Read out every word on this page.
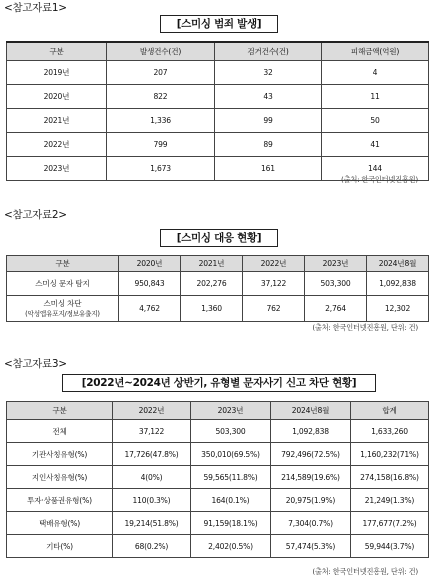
<참고자료1>
[스미싱 범죄 발생]
구분	발생건수(건)	검거건수(건)	피해금액(억원)
2019년	207	32	4
2020년	822	43	11
2021년	1,336	99	50
2022년	799	89	41
2023년	1,673	161	144
(출처: 한국인터넷진흥원)
<참고자료2>
[스미싱 대응 현황]
구분	2020년	2021년	2022년	2023년	2024년8월
스미싱 문자 탐지	950,843	202,276	37,122	503,300	1,092,838

스미싱 차단
(악성앱유포지/정보유출지)	4,762	1,360	762	2,764	12,302
(출처: 한국인터넷진흥원, 단위: 건)
<참고자료3>
[2022년~2024년 상반기, 유형별 문자사기 신고 차단 현황]
구분	2022년	2023년	2024년8월	합계
전체	37,122	503,300	1,092,838	1,633,260
기관사칭유형(%)	17,726(47.8%)	350,010(69.5%)	792,496(72.5%)	1,160,232(71%)
지인사칭유형(%)	4(0%)	59,565(11.8%)	214,589(19.6%)	274,158(16.8%)
투자·상품권유형(%)	110(0.3%)	164(0.1%)	20,975(1.9%)	21,249(1.3%)
택배유형(%)	19,214(51.8%)	91,159(18.1%)	7,304(0.7%)	177,677(7.2%)
기타(%)	68(0.2%)	2,402(0.5%)	57,474(5.3%)	59,944(3.7%)
(출처: 한국인터넷진흥원, 단위: 건)
